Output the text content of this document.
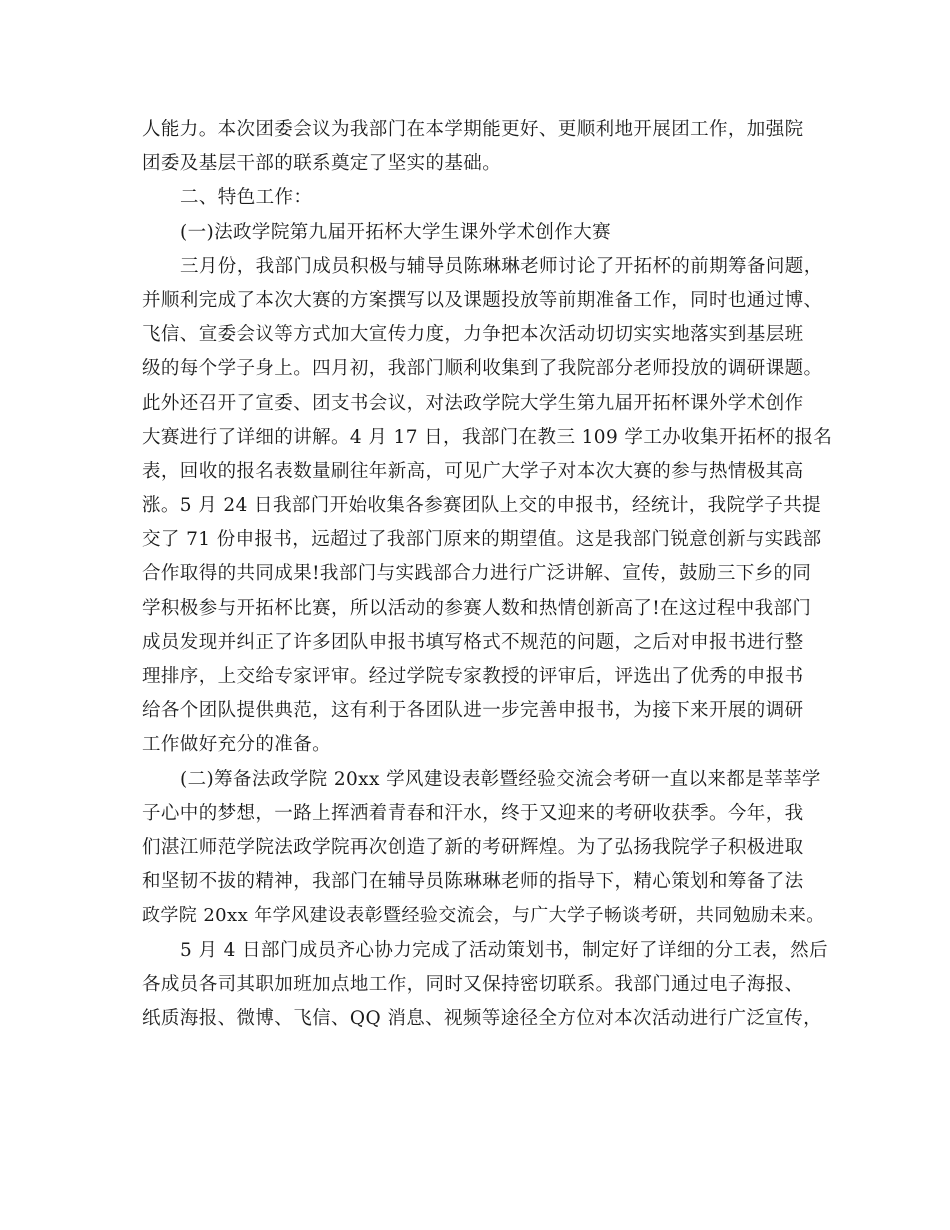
人能力。本次团委会议为我部门在本学期能更好、更顺利地开展团工作，加强院
团委及基层干部的联系奠定了坚实的基础。
二、特色工作：
(一)法政学院第九届开拓杯大学生课外学术创作大赛
三月份，我部门成员积极与辅导员陈琳琳老师讨论了开拓杯的前期筹备问题，
并顺利完成了本次大赛的方案撰写以及课题投放等前期准备工作，同时也通过博、
飞信、宣委会议等方式加大宣传力度，力争把本次活动切切实实地落实到基层班
级的每个学子身上。四月初，我部门顺利收集到了我院部分老师投放的调研课题。
此外还召开了宣委、团支书会议，对法政学院大学生第九届开拓杯课外学术创作
大赛进行了详细的讲解。4 月 17 日，我部门在教三 109 学工办收集开拓杯的报名
表，回收的报名表数量刷往年新高，可见广大学子对本次大赛的参与热情极其高
涨。5 月 24 日我部门开始收集各参赛团队上交的申报书，经统计，我院学子共提
交了 71 份申报书，远超过了我部门原来的期望值。这是我部门锐意创新与实践部
合作取得的共同成果!我部门与实践部合力进行广泛讲解、宣传，鼓励三下乡的同
学积极参与开拓杯比赛，所以活动的参赛人数和热情创新高了!在这过程中我部门
成员发现并纠正了许多团队申报书填写格式不规范的问题，之后对申报书进行整
理排序，上交给专家评审。经过学院专家教授的评审后，评选出了优秀的申报书
给各个团队提供典范，这有利于各团队进一步完善申报书，为接下来开展的调研
工作做好充分的准备。
(二)筹备法政学院 20xx 学风建设表彰暨经验交流会考研一直以来都是莘莘学
子心中的梦想，一路上挥洒着青春和汗水，终于又迎来的考研收获季。今年，我
们湛江师范学院法政学院再次创造了新的考研辉煌。为了弘扬我院学子积极进取
和坚韧不拔的精神，我部门在辅导员陈琳琳老师的指导下，精心策划和筹备了法
政学院 20xx 年学风建设表彰暨经验交流会，与广大学子畅谈考研，共同勉励未来。
5 月 4 日部门成员齐心协力完成了活动策划书，制定好了详细的分工表，然后
各成员各司其职加班加点地工作，同时又保持密切联系。我部门通过电子海报、
纸质海报、微博、飞信、QQ 消息、视频等途径全方位对本次活动进行广泛宣传，
